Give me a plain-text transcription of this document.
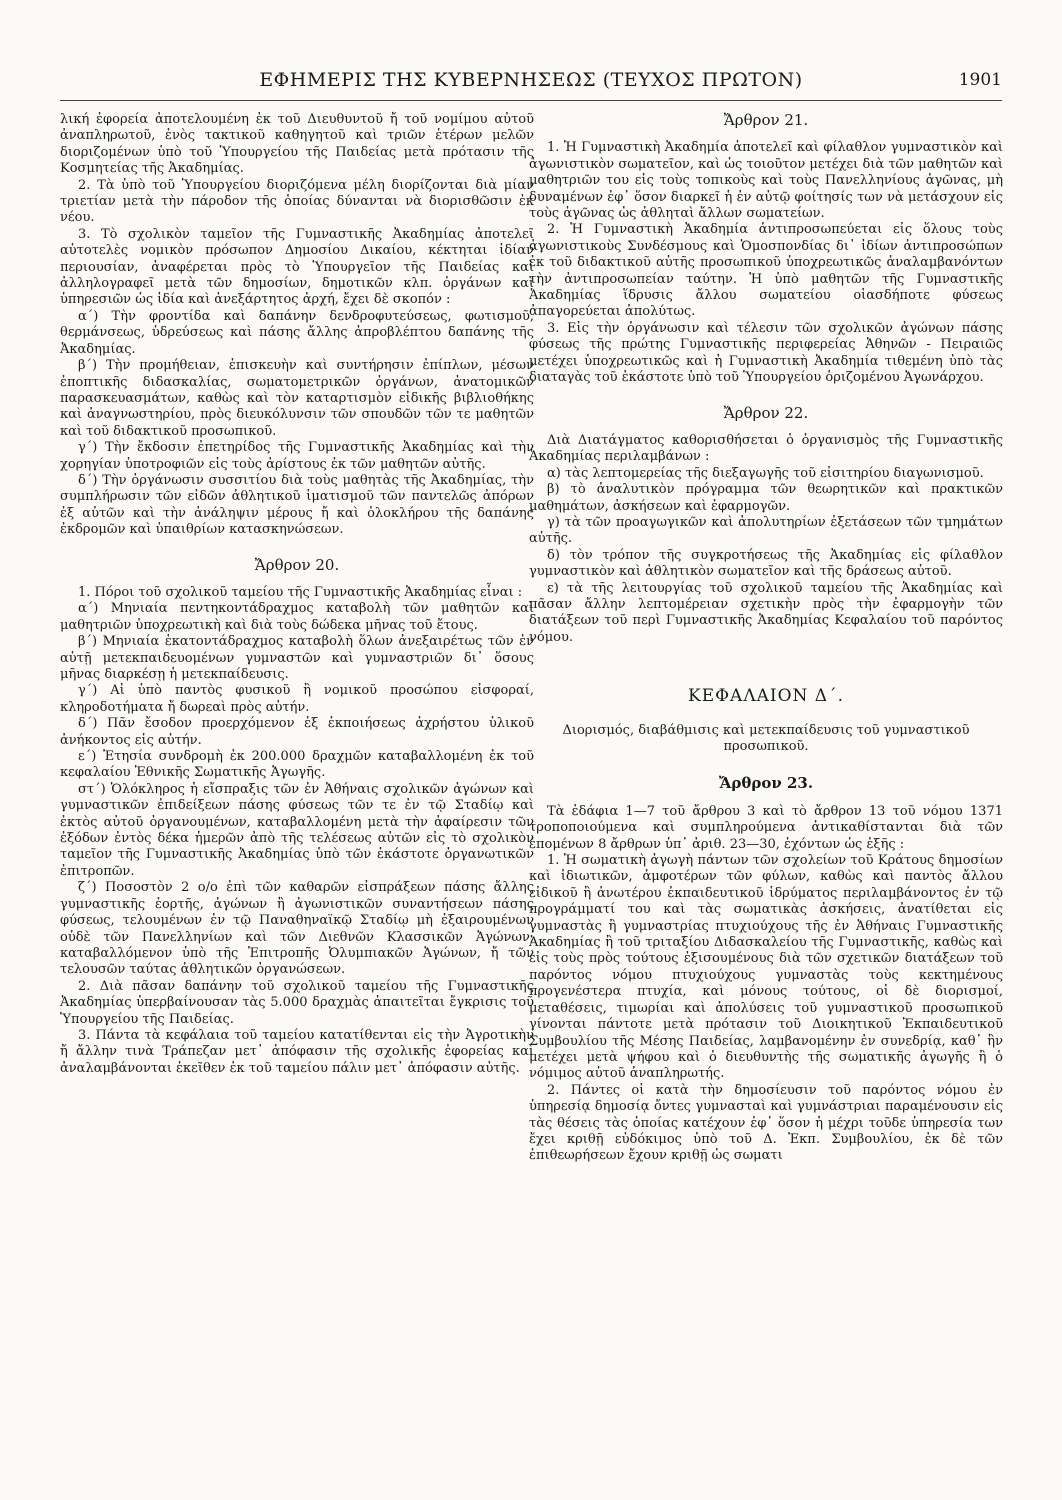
ΕΦΗΜΕΡΙΣ ΤΗΣ ΚΥΒΕΡΝΗΣΕΩΣ (ΤΕΥΧΟΣ ΠΡΩΤΟΝ)	1901

λική ἐφορεία ἀποτελουμένη ἐκ τοῦ Διευθυντοῦ ἤ τοῦ νομίμου αὐτοῦ ἀναπληρωτοῦ, ἑνὸς τακτικοῦ καθηγητοῦ καὶ τριῶν ἑτέρων μελῶν διοριζομένων ὑπὸ τοῦ Ὑπουργείου τῆς Παιδείας μετὰ πρότασιν τῆς Κοσμητείας τῆς Ἀκαδημίας.

2. Τὰ ὑπὸ τοῦ Ὑπουργείου διοριζόμενα μέλη διορίζονται διὰ μίαν τριετίαν μετὰ τὴν πάροδον τῆς ὁποίας δύνανται νὰ διορισθῶσιν ἐκ νέου.

3. Τὸ σχολικὸν ταμεῖον τῆς Γυμναστικῆς Ἀκαδημίας ἀποτελεῖ αὐτοτελὲς νομικὸν πρόσωπον Δημοσίου Δικαίου, κέκτηται ἰδίαν περιουσίαν, ἀναφέρεται πρὸς τὸ Ὑπουργεῖον τῆς Παιδείας καὶ ἀλληλογραφεῖ μετὰ τῶν δημοσίων, δημοτικῶν κλπ. ὀργάνων καὶ ὑπηρεσιῶν ὡς ἰδία καὶ ἀνεξάρτητος ἀρχή, ἔχει δὲ σκοπόν :

α΄) Τὴν φροντίδα καὶ δαπάνην δενδροφυτεύσεως, φωτισμοῦ, θερμάνσεως, ὑδρεύσεως καὶ πάσης ἄλλης ἀπροβλέπτου δαπάνης τῆς Ἀκαδημίας.

β΄) Τὴν προμήθειαν, ἐπισκευὴν καὶ συντήρησιν ἐπίπλων, μέσων ἐποπτικῆς διδασκαλίας, σωματομετρικῶν ὀργάνων, ἀνατομικῶν παρασκευασμάτων, καθὼς καὶ τὸν καταρτισμὸν εἰδικῆς βιβλιοθήκης καὶ ἀναγνωστηρίου, πρὸς διευκόλυνσιν τῶν σπουδῶν τῶν τε μαθητῶν καὶ τοῦ διδακτικοῦ προσωπικοῦ.

γ΄) Τὴν ἔκδοσιν ἐπετηρίδος τῆς Γυμναστικῆς Ἀκαδημίας καὶ τὴν χορηγίαν ὑποτροφιῶν εἰς τοὺς ἀρίστους ἐκ τῶν μαθητῶν αὐτῆς.

δ΄) Τὴν ὀργάνωσιν συσσιτίου διὰ τοὺς μαθητὰς τῆς Ἀκαδημίας, τὴν συμπλήρωσιν τῶν εἰδῶν ἀθλητικοῦ ἱματισμοῦ τῶν παντελῶς ἀπόρων ἐξ αὐτῶν καὶ τὴν ἀνάληψιν μέρους ἤ καὶ ὁλοκλήρου τῆς δαπάνης ἐκδρομῶν καὶ ὑπαιθρίων κατασκηνώσεων.

Ἄρθρον 20.

1. Πόροι τοῦ σχολικοῦ ταμείου τῆς Γυμναστικῆς Ἀκαδημίας εἶναι :

α΄) Μηνιαία πεντηκοντάδραχμος καταβολὴ τῶν μαθητῶν καὶ μαθητριῶν ὑποχρεωτικὴ καὶ διὰ τοὺς δώδεκα μῆνας τοῦ ἔτους.

β΄) Μηνιαία ἑκατοντάδραχμος καταβολὴ ὅλων ἀνεξαιρέτως τῶν ἐν αὐτῇ μετεκπαιδευομένων γυμναστῶν καὶ γυμναστριῶν δι᾽ ὅσους μῆνας διαρκέσῃ ἡ μετεκπαίδευσις.

γ΄) Αἱ ὑπὸ παντὸς φυσικοῦ ἢ νομικοῦ προσώπου εἰσφοραί, κληροδοτήματα ἤ δωρεαὶ πρὸς αὐτήν.

δ΄) Πᾶν ἔσοδον προερχόμενον ἐξ ἐκποιήσεως ἀχρήστου ὑλικοῦ ἀνήκοντος εἰς αὐτήν.

ε΄) Ἐτησία συνδρομὴ ἐκ 200.000 δραχμῶν καταβαλλομένη ἐκ τοῦ κεφαλαίου Ἐθνικῆς Σωματικῆς Ἀγωγῆς.

στ΄) Ὁλόκληρος ἡ εἴσπραξις τῶν ἐν Ἀθήναις σχολικῶν ἀγώνων καὶ γυμναστικῶν ἐπιδείξεων πάσης φύσεως τῶν τε ἐν τῷ Σταδίῳ καὶ ἐκτὸς αὐτοῦ ὀργανουμένων, καταβαλλομένη μετὰ τὴν ἀφαίρεσιν τῶν ἐξόδων ἐντὸς δέκα ἡμερῶν ἀπὸ τῆς τελέσεως αὐτῶν εἰς τὸ σχολικὸν ταμεῖον τῆς Γυμναστικῆς Ἀκαδημίας ὑπὸ τῶν ἑκάστοτε ὀργανωτικῶν ἐπιτροπῶν.

ζ΄) Ποσοστὸν 2 ο/ο ἐπὶ τῶν καθαρῶν εἰσπράξεων πάσης ἄλλης γυμναστικῆς ἑορτῆς, ἀγώνων ἢ ἀγωνιστικῶν συναντήσεων πάσης φύσεως, τελουμένων ἐν τῷ Παναθηναϊκῷ Σταδίῳ μὴ ἐξαιρουμένων οὐδὲ τῶν Πανελληνίων καὶ τῶν Διεθνῶν Κλασσικῶν Ἀγώνων, καταβαλλόμενον ὑπὸ τῆς Ἐπιτροπῆς Ὀλυμπιακῶν Ἀγώνων, ἤ τῶν τελουσῶν ταύτας ἀθλητικῶν ὀργανώσεων.

2. Διὰ πᾶσαν δαπάνην τοῦ σχολικοῦ ταμείου τῆς Γυμναστικῆς Ἀκαδημίας ὑπερβαίνουσαν τὰς 5.000 δραχμὰς ἀπαιτεῖται ἔγκρισις τοῦ Ὑπουργείου τῆς Παιδείας.

3. Πάντα τὰ κεφάλαια τοῦ ταμείου κατατίθενται εἰς τὴν Ἀγροτικὴν ἤ ἄλλην τινὰ Τράπεζαν μετ᾽ ἀπόφασιν τῆς σχολικῆς ἐφορείας καὶ ἀναλαμβάνονται ἐκεῖθεν ἐκ τοῦ ταμείου πάλιν μετ᾽ ἀπόφασιν αὐτῆς.

Ἄρθρον 21.

1. Ἡ Γυμναστικὴ Ἀκαδημία ἀποτελεῖ καὶ φίλαθλον γυμναστικὸν καὶ ἀγωνιστικὸν σωματεῖον, καὶ ὡς τοιοῦτον μετέχει διὰ τῶν μαθητῶν καὶ μαθητριῶν του εἰς τοὺς τοπικοὺς καὶ τοὺς Πανελληνίους ἀγῶνας, μὴ δυναμένων ἐφ᾽ ὅσον διαρκεῖ ἡ ἐν αὐτῷ φοίτησίς των νὰ μετάσχουν εἰς τοὺς ἀγῶνας ὡς ἀθληταὶ ἄλλων σωματείων.

2. Ἡ Γυμναστικὴ Ἀκαδημία ἀντιπροσωπεύεται εἰς ὅλους τοὺς ἀγωνιστικοὺς Συνδέσμους καὶ Ὁμοσπονδίας δι᾽ ἰδίων ἀντιπροσώπων ἐκ τοῦ διδακτικοῦ αὐτῆς προσωπικοῦ ὑποχρεωτικῶς ἀναλαμβανόντων τὴν ἀντιπροσωπείαν ταύτην. Ἡ ὑπὸ μαθητῶν τῆς Γυμναστικῆς Ἀκαδημίας ἵδρυσις ἄλλου σωματείου οἱασδήποτε φύσεως ἀπαγορεύεται ἀπολύτως.

3. Εἰς τὴν ὀργάνωσιν καὶ τέλεσιν τῶν σχολικῶν ἀγώνων πάσης φύσεως τῆς πρώτης Γυμναστικῆς περιφερείας Ἀθηνῶν - Πειραιῶς μετέχει ὑποχρεωτικῶς καὶ ἡ Γυμναστικὴ Ἀκαδημία τιθεμένη ὑπὸ τὰς διαταγὰς τοῦ ἑκάστοτε ὑπὸ τοῦ Ὑπουργείου ὁριζομένου Ἀγωνάρχου.

Ἄρθρον 22.

Διὰ Διατάγματος καθορισθήσεται ὁ ὀργανισμὸς τῆς Γυμναστικῆς Ἀκαδημίας περιλαμβάνων :

α) τὰς λεπτομερείας τῆς διεξαγωγῆς τοῦ εἰσιτηρίου διαγωνισμοῦ.

β) τὸ ἀναλυτικὸν πρόγραμμα τῶν θεωρητικῶν καὶ πρακτικῶν μαθημάτων, ἀσκήσεων καὶ ἐφαρμογῶν.

γ) τὰ τῶν προαγωγικῶν καὶ ἀπολυτηρίων ἐξετάσεων τῶν τμημάτων αὐτῆς.

δ) τὸν τρόπον τῆς συγκροτήσεως τῆς Ἀκαδημίας εἰς φίλαθλον γυμναστικὸν καὶ ἀθλητικὸν σωματεῖον καὶ τῆς δράσεως αὐτοῦ.

ε) τὰ τῆς λειτουργίας τοῦ σχολικοῦ ταμείου τῆς Ἀκαδημίας καὶ πᾶσαν ἄλλην λεπτομέρειαν σχετικὴν πρὸς τὴν ἐφαρμογὴν τῶν διατάξεων τοῦ περὶ Γυμναστικῆς Ἀκαδημίας Κεφαλαίου τοῦ παρόντος νόμου.

ΚΕΦΑΛΑΙΟΝ Δ΄.
Διορισμός, διαβάθμισις καὶ μετεκπαίδευσις τοῦ γυμναστικοῦ προσωπικοῦ.
Ἄρθρον 23.

Τὰ ἐδάφια 1—7 τοῦ ἄρθρου 3 καὶ τὸ ἄρθρον 13 τοῦ νόμου 1371 τροποποιούμενα καὶ συμπληρούμενα ἀντικαθίστανται διὰ τῶν ἑπομένων 8 ἄρθρων ὑπ᾽ ἀριθ. 23—30, ἐχόντων ὡς ἑξῆς :

1. Ἡ σωματικὴ ἀγωγὴ πάντων τῶν σχολείων τοῦ Κράτους δημοσίων καὶ ἰδιωτικῶν, ἀμφοτέρων τῶν φύλων, καθὼς καὶ παντὸς ἄλλου εἰδικοῦ ἢ ἀνωτέρου ἐκπαιδευτικοῦ ἱδρύματος περιλαμβάνοντος ἐν τῷ προγράμματί του καὶ τὰς σωματικὰς ἀσκήσεις, ἀνατίθεται εἰς γυμναστὰς ἢ γυμναστρίας πτυχιούχους τῆς ἐν Ἀθήναις Γυμναστικῆς Ἀκαδημίας ἢ τοῦ τριταξίου Διδασκαλείου τῆς Γυμναστικῆς, καθὼς καὶ εἰς τοὺς πρὸς τούτους ἐξισουμένους διὰ τῶν σχετικῶν διατάξεων τοῦ παρόντος νόμου πτυχιούχους γυμναστὰς τοὺς κεκτημένους προγενέστερα πτυχία, καὶ μόνους τούτους, οἱ δὲ διορισμοί, μεταθέσεις, τιμωρίαι καὶ ἀπολύσεις τοῦ γυμναστικοῦ προσωπικοῦ γίνονται πάντοτε μετὰ πρότασιν τοῦ Διοικητικοῦ Ἐκπαιδευτικοῦ Συμβουλίου τῆς Μέσης Παιδείας, λαμβανομένην ἐν συνεδρίᾳ, καθ᾽ ἣν μετέχει μετὰ ψήφου καὶ ὁ διευθυντὴς τῆς σωματικῆς ἀγωγῆς ἢ ὁ νόμιμος αὐτοῦ ἀναπληρωτής.

2. Πάντες οἱ κατὰ τὴν δημοσίευσιν τοῦ παρόντος νόμου ἐν ὑπηρεσίᾳ δημοσίᾳ ὄντες γυμνασταὶ καὶ γυμνάστριαι παραμένουσιν εἰς τὰς θέσεις τὰς ὁποίας κατέχουν ἐφ᾽ ὅσον ἡ μέχρι τοῦδε ὑπηρεσία των ἔχει κριθῇ εὐδόκιμος ὑπὸ τοῦ Δ. Ἐκπ. Συμβουλίου, ἐκ δὲ τῶν ἐπιθεωρήσεων ἔχουν κριθῇ ὡς σωματι
